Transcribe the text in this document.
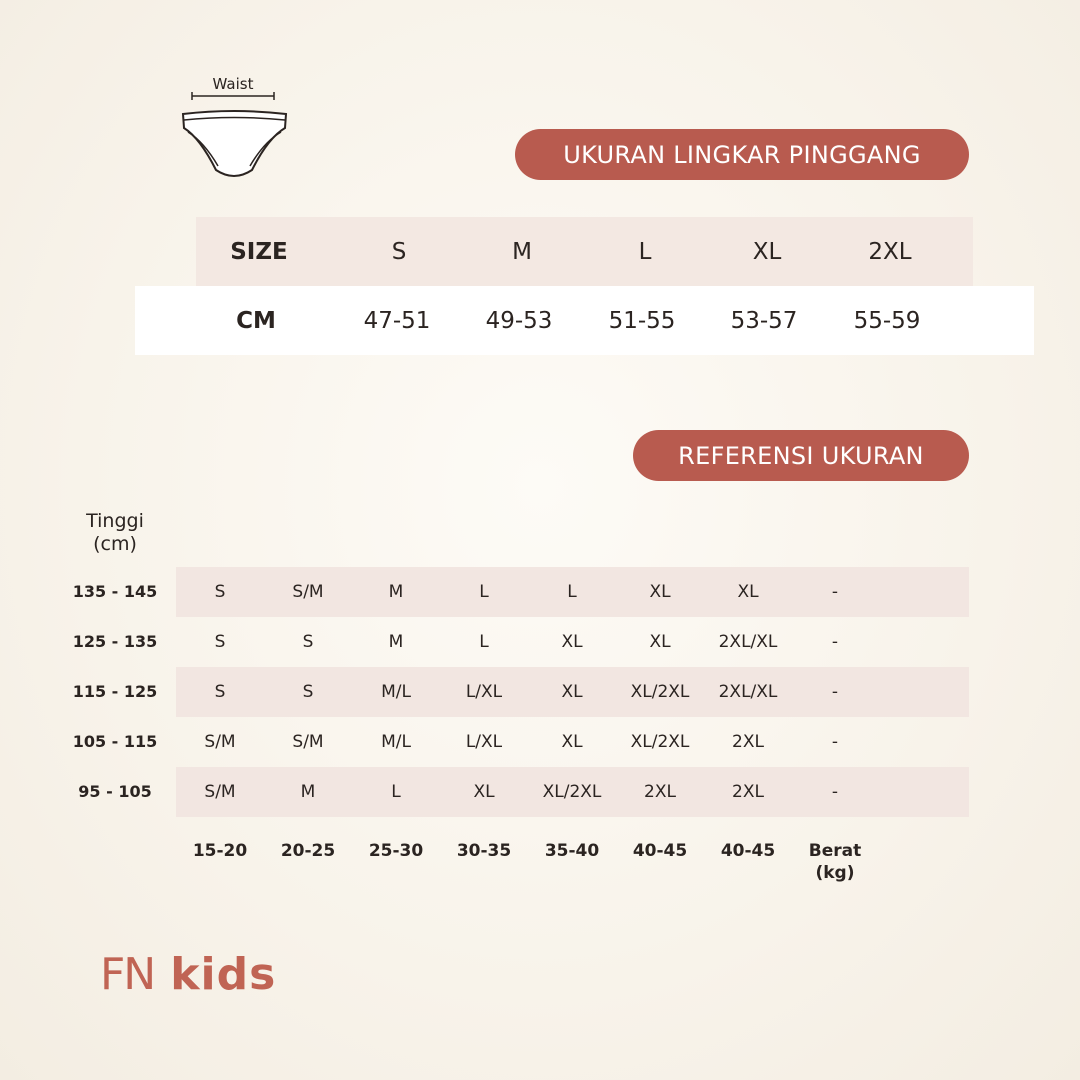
Waist
UKURAN LINGKAR PINGGANG
REFERENSI UKURAN
SIZE	S	M	L	XL	2XL
CM	47-51	49-53	51-55	53-57	55-59
Tinggi (cm)
135 - 145	S	S/M	M	L	L	XL	XL	-
125 - 135	S	S	M	L	XL	XL	2XL/XL	-
115 - 125	S	S	M/L	L/XL	XL	XL/2XL	2XL/XL	-
105 - 115	S/M	S/M	M/L	L/XL	XL	XL/2XL	2XL	-
95 - 105	S/M	M	L	XL	XL/2XL	2XL	2XL	-
15-20	20-25	25-30	30-35	35-40	40-45	40-45	Berat (kg)
FN kids
